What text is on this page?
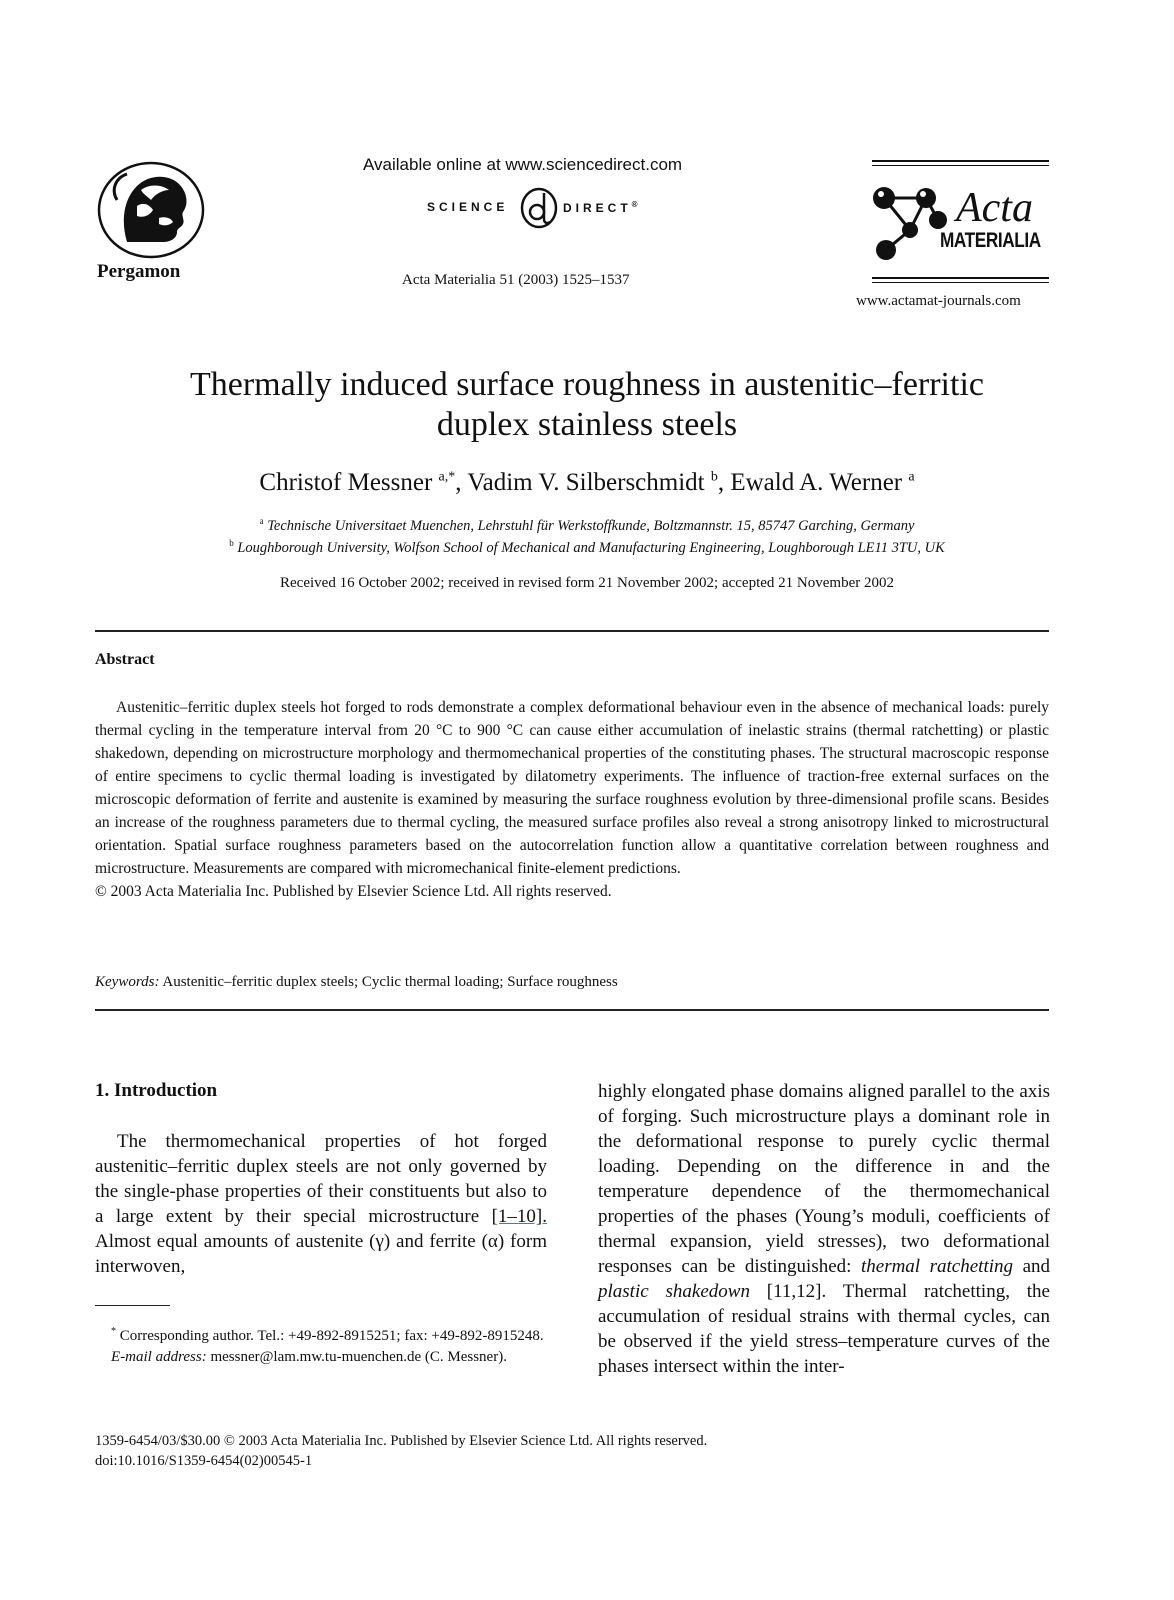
Pergamon
Available online at www.sciencedirect.com
SCIENCE	DIRECT®
Acta Materialia 51 (2003) 1525–1537
Acta
MATERIALIA
www.actamat-journals.com
Thermally induced surface roughness in austenitic–ferritic
duplex stainless steels
Christof Messner $^{a,*}$, Vadim V. Silberschmidt $^b$, Ewald A. Werner $^a$
$^a$ Technische Universitaet Muenchen, Lehrstuhl für Werkstoffkunde, Boltzmannstr. 15, 85747 Garching, Germany
$^b$ Loughborough University, Wolfson School of Mechanical and Manufacturing Engineering, Loughborough LE11 3TU, UK
Received 16 October 2002; received in revised form 21 November 2002; accepted 21 November 2002
Abstract

Austenitic–ferritic duplex steels hot forged to rods demonstrate a complex deformational behaviour even in the absence of mechanical loads: purely thermal cycling in the temperature interval from 20 °C to 900 °C can cause either accumulation of inelastic strains (thermal ratchetting) or plastic shakedown, depending on microstructure morphology and thermomechanical properties of the constituting phases. The structural macroscopic response of entire specimens to cyclic thermal loading is investigated by dilatometry experiments. The influence of traction-free external surfaces on the microscopic deformation of ferrite and austenite is examined by measuring the surface roughness evolution by three-dimensional profile scans. Besides an increase of the roughness parameters due to thermal cycling, the measured surface profiles also reveal a strong anisotropy linked to microstructural orientation. Spatial surface roughness parameters based on the autocorrelation function allow a quantitative correlation between roughness and microstructure. Measurements are compared with micromechanical finite-element predictions.

© 2003 Acta Materialia Inc. Published by Elsevier Science Ltd. All rights reserved.

Keywords: Austenitic–ferritic duplex steels; Cyclic thermal loading; Surface roughness
1. Introduction

The thermomechanical properties of hot forged austenitic–ferritic duplex steels are not only governed by the single-phase properties of their constituents but also to a large extent by their special microstructure [1–10]. Almost equal amounts of austenite (γ) and ferrite (α) form interwoven,

highly elongated phase domains aligned parallel to the axis of forging. Such microstructure plays a dominant role in the deformational response to purely cyclic thermal loading. Depending on the difference in and the temperature dependence of the thermomechanical properties of the phases (Young’s moduli, coefficients of thermal expansion, yield stresses), two deformational responses can be distinguished: thermal ratchetting and plastic shakedown [11,12]. Thermal ratchetting, the accumulation of residual strains with thermal cycles, can be observed if the yield stress–temperature curves of the phases intersect within the inter-

* Corresponding author. Tel.: +49-892-8915251; fax: +49-892-8915248.

E-mail address: messner@lam.mw.tu-muenchen.de (C. Messner).

1359-6454/03/$30.00 © 2003 Acta Materialia Inc. Published by Elsevier Science Ltd. All rights reserved.
doi:10.1016/S1359-6454(02)00545-1
